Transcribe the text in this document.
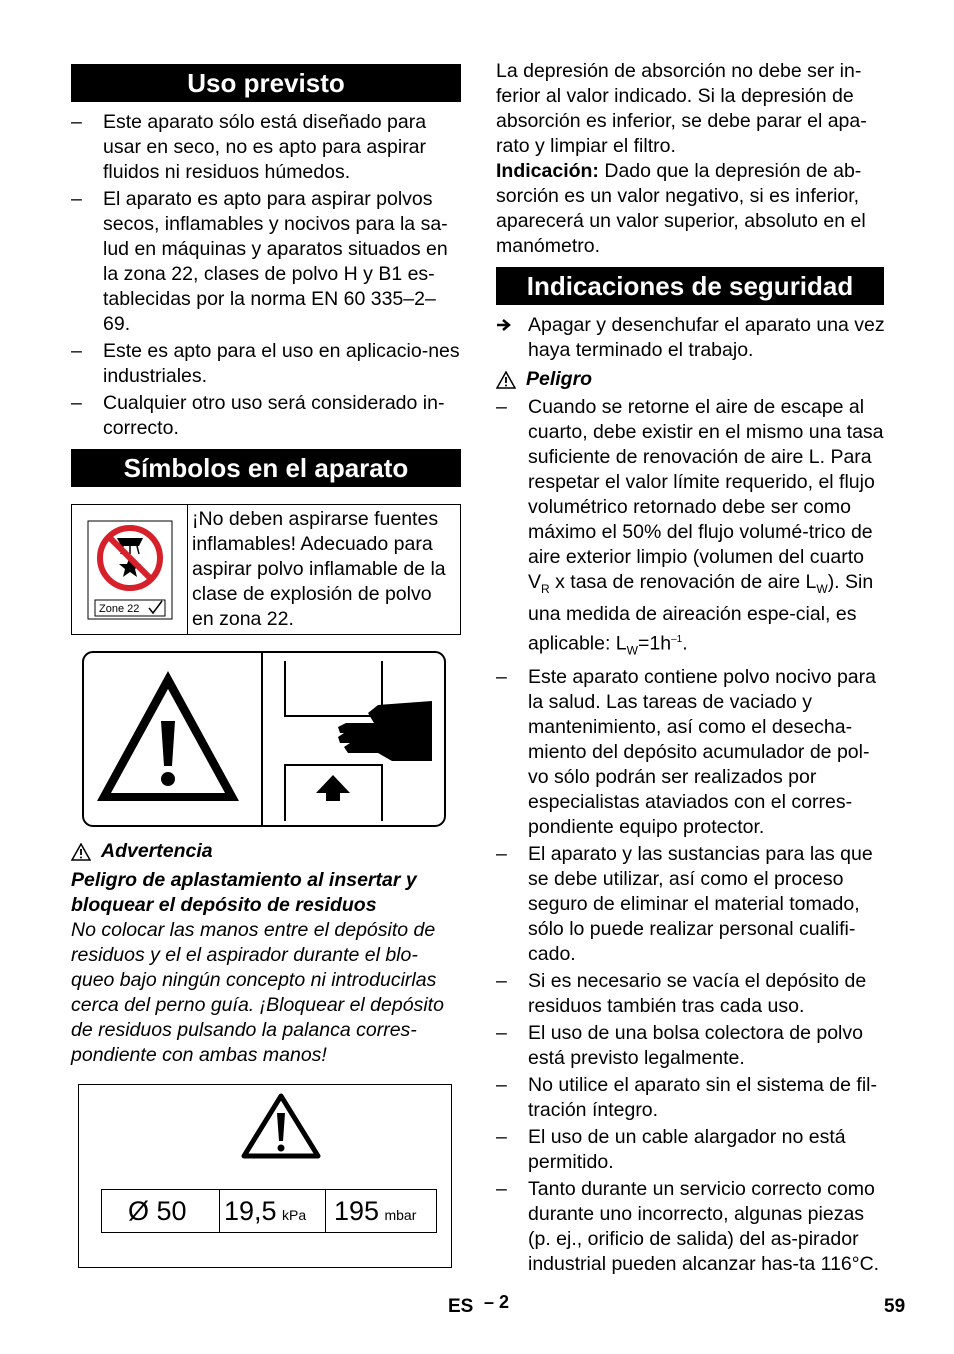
Uso previsto
– Este aparato sólo está diseñado para usar en seco, no es apto para aspirar fluidos ni residuos húmedos.
– El aparato es apto para aspirar polvos secos, inflamables y nocivos para la sa-lud en máquinas y aparatos situados en la zona 22, clases de polvo H y B1 es-tablecidas por la norma EN 60 335–2–69.
– Este es apto para el uso en aplicacio-nes industriales.
– Cualquier otro uso será considerado in-correcto.
Símbolos en el aparato
Zone 22
¡No deben aspirarse fuentes inflamables! Adecuado para aspirar polvo inflamable de la clase de explosión de polvo en zona 22.
Advertencia

Peligro de aplastamiento al insertar y bloquear el depósito de residuos

No colocar las manos entre el depósito de residuos y el el aspirador durante el blo-queo bajo ningún concepto ni introducirlas cerca del perno guía. ¡Bloquear el depósito de residuos pulsando la palanca corres-pondiente con ambas manos!

Ø 50	19,5 kPa	195 mbar

La depresión de absorción no debe ser in-ferior al valor indicado. Si la depresión de absorción es inferior, se debe parar el apa-rato y limpiar el filtro.

Indicación: Dado que la depresión de ab-sorción es un valor negativo, si es inferior, aparecerá un valor superior, absoluto en el manómetro.

Indicaciones de seguridad
Apagar y desenchufar el aparato una vez haya terminado el trabajo.
Peligro
– Cuando se retorne el aire de escape al cuarto, debe existir en el mismo una tasa suficiente de renovación de aire L. Para respetar el valor límite requerido, el flujo volumétrico retornado debe ser como máximo el 50% del flujo volumé-trico de aire exterior limpio (volumen del cuarto $V_R$ x tasa de renovación de aire $L_W$). Sin una medida de aireación espe-cial, es aplicable: $L_W=1h^{-1}$.
– Este aparato contiene polvo nocivo para la salud. Las tareas de vaciado y mantenimiento, así como el desecha-miento del depósito acumulador de pol-vo sólo podrán ser realizados por especialistas ataviados con el corres-pondiente equipo protector.
– El aparato y las sustancias para las que se debe utilizar, así como el proceso seguro de eliminar el material tomado, sólo lo puede realizar personal cualifi-cado.
– Si es necesario se vacía el depósito de residuos también tras cada uso.
– El uso de una bolsa colectora de polvo está previsto legalmente.
– No utilice el aparato sin el sistema de fil-tración íntegro.
– El uso de un cable alargador no está permitido.
– Tanto durante un servicio correcto como durante uno incorrecto, algunas piezas (p. ej., orificio de salida) del as-pirador industrial pueden alcanzar has-ta 116°C.
ES – 2	59
